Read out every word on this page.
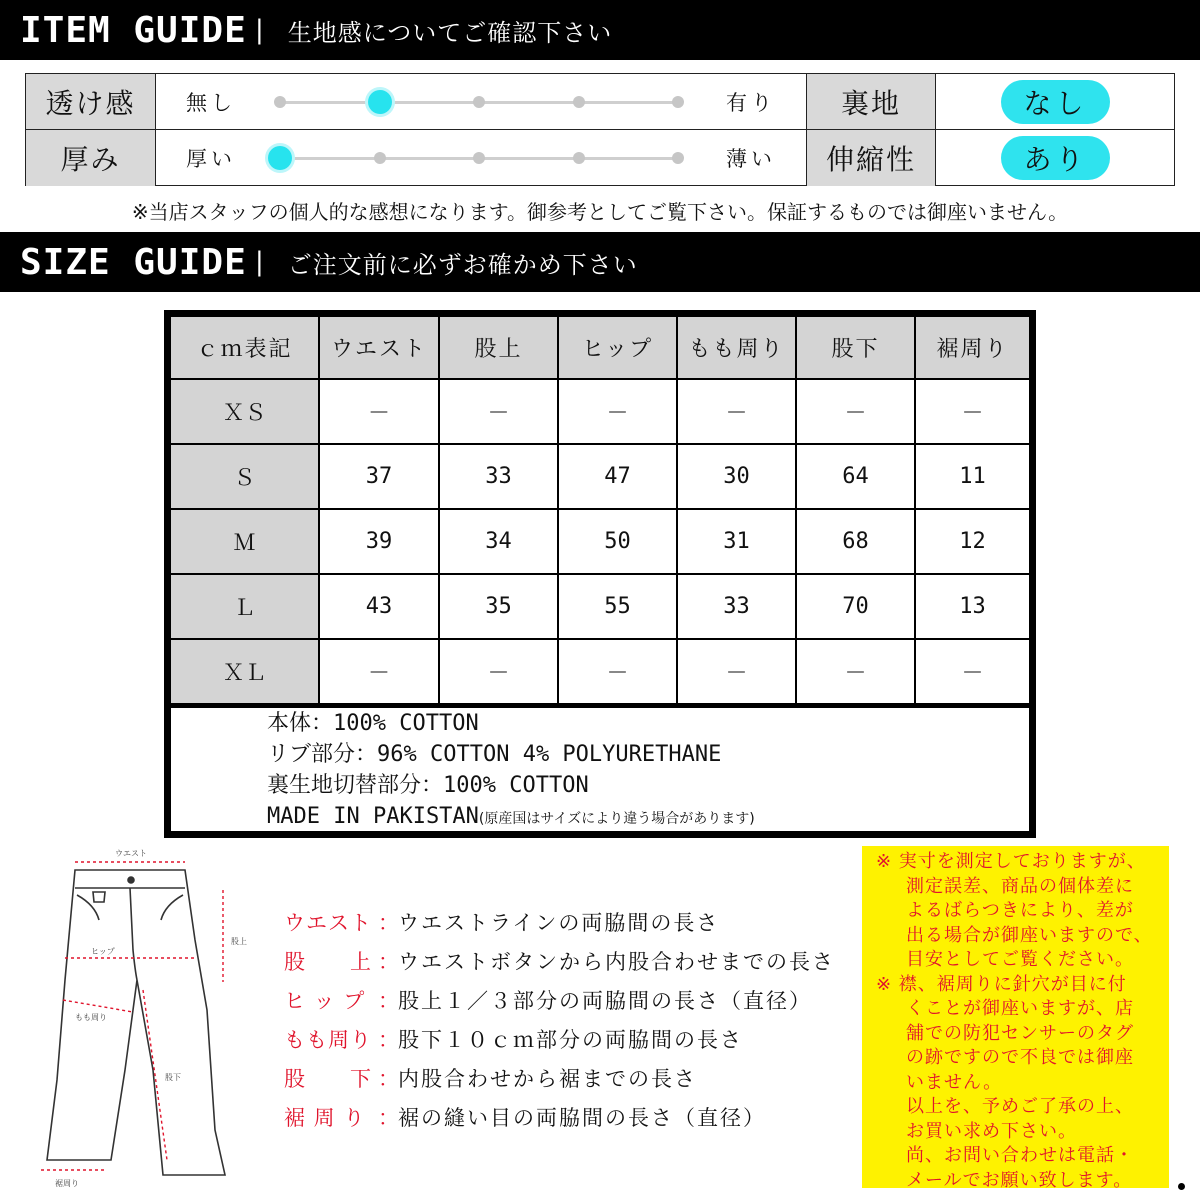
ITEM GUIDE | 生地感についてご確認下さい
透け感	無し	有り	裏地	なし
厚み	厚い	薄い	伸縮性	あり
※当店スタッフの個人的な感想になります。御参考としてご覧下さい。保証するものでは御座いません。
SIZE GUIDE | ご注文前に必ずお確かめ下さい
本体：100% COTTON
リブ部分：96% COTTON 4% POLYURETHANE
裏生地切替部分：100% COTTON
MADE IN PAKISTAN(原産国はサイズにより違う場合があります)
ｃｍ表記	ウエスト	股上	ヒップ	もも周り	股下	裾周り
ＸＳ	－	－	－	－	－	－
Ｓ	37	33	47	30	64	11
Ｍ	39	34	50	31	68	12
Ｌ	43	35	55	33	70	13
ＸＬ	－	－	－	－	－	－
ウエスト
股上
ヒップ
もも周り
股下
裾周り
ウエスト ： ウエストラインの両脇間の長さ
股　　上 ： ウエストボタンから内股合わせまでの長さ
ヒ ッ プ ： 股上１／３部分の両脇間の長さ（直径）
もも周り ： 股下１０ｃｍ部分の両脇間の長さ
股　　下 ： 内股合わせから裾までの長さ
裾 周 り ： 裾の縫い目の両脇間の長さ（直径）
※ 実寸を測定しておりますが、
測定誤差、商品の個体差に
よるばらつきにより、差が
出る場合が御座いますので、
目安としてご覧ください。
※ 襟、裾周りに針穴が目に付
くことが御座いますが、店
舗での防犯センサーのタグ
の跡ですので不良では御座
いません。
以上を、予めご了承の上、
お買い求め下さい。
尚、お問い合わせは電話・
メールでお願い致します。
